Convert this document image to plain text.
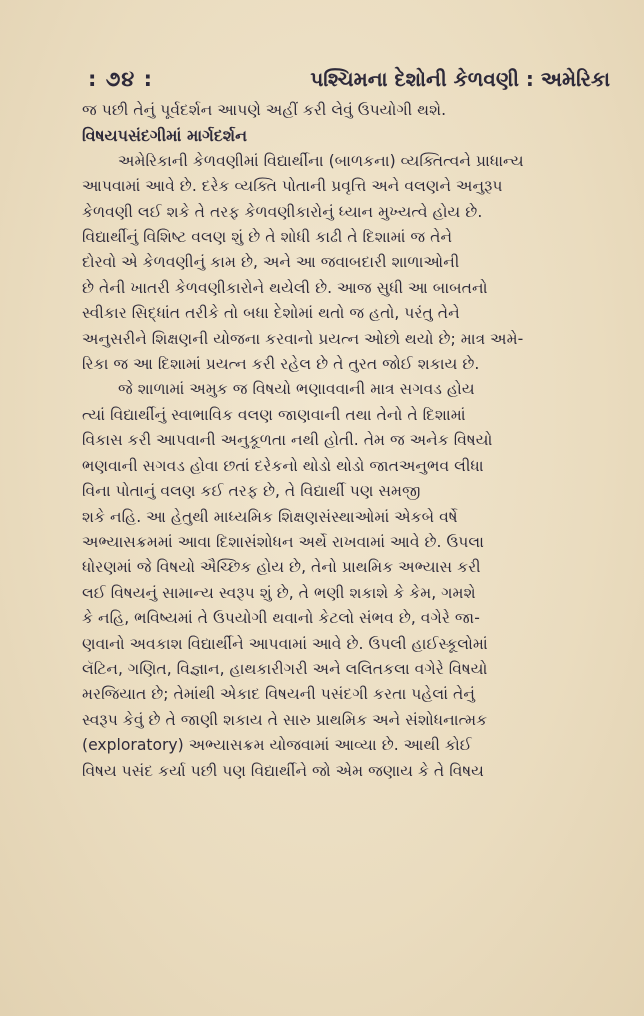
: ૭૪ :	પશ્ચિમના દેશોની કેળવણી : અમેરિકા
જ પછી તેનું પૂર્વદર્શન આપણે અહીં કરી લેવું ઉપયોગી થશે.
વિષયપસંદગીમાં માર્ગદર્શન
અમેરિકાની કેળવણીમાં વિદ્યાર્થીના (બાળકના) વ્યક્તિત્વને પ્રાધાન્ય
આપવામાં આવે છે. દરેક વ્યક્તિ પોતાની પ્રવૃત્તિ અને વલણને અનુરૂપ
કેળવણી લઈ શકે તે તરફ કેળવણીકારોનું ધ્યાન મુખ્યત્વે હોય છે.
વિદ્યાર્થીનું વિશિષ્ટ વલણ શું છે તે શોધી કાઢી તે દિશામાં જ તેને
દોરવો એ કેળવણીનું કામ છે, અને આ જવાબદારી શાળાઓની
છે તેની ખાતરી કેળવણીકારોને થયેલી છે. આજ સુધી આ બાબતનો
સ્વીકાર સિદ્ધાંત તરીકે તો બધા દેશોમાં થતો જ હતો, પરંતુ તેને
અનુસરીને શિક્ષણની યોજના કરવાનો પ્રયત્ન ઓછો થયો છે; માત્ર અમે-
રિકા જ આ દિશામાં પ્રયત્ન કરી રહેલ છે તે તુરત જોઈ શકાય છે.
જે શાળામાં અમુક જ વિષયો ભણાવવાની માત્ર સગવડ હોય
ત્યાં વિદ્યાર્થીનું સ્વાભાવિક વલણ જાણવાની તથા તેનો તે દિશામાં
વિકાસ કરી આપવાની અનુકૂળતા નથી હોતી. તેમ જ અનેક વિષયો
ભણવાની સગવડ હોવા છતાં દરેકનો થોડો થોડો જાતઅનુભવ લીધા
વિના પોતાનું વલણ કઈ તરફ છે, તે વિદ્યાર્થી પણ સમજી
શકે નહિ. આ હેતુથી માધ્યમિક શિક્ષણસંસ્થાઓમાં એકબે વર્ષે
અભ્યાસક્રમમાં આવા દિશાસંશોધન અર્થે રાખવામાં આવે છે. ઉપલા
ધોરણમાં જે વિષયો ઐચ્છિક હોય છે, તેનો પ્રાથમિક અભ્યાસ કરી
લઈ વિષયનું સામાન્ય સ્વરૂપ શું છે, તે ભણી શકાશે કે કેમ, ગમશે
કે નહિ, ભવિષ્યમાં તે ઉપયોગી થવાનો કેટલો સંભવ છે, વગેરે જા-
ણવાનો અવકાશ વિદ્યાર્થીને આપવામાં આવે છે. ઉપલી હાઈસ્કૂલોમાં
લૅટિન, ગણિત, વિજ્ઞાન, હાથકારીગરી અને લલિતકલા વગેરે વિષયો
મરજિયાત છે; તેમાંથી એકાદ વિષયની પસંદગી કરતા પહેલાં તેનું
સ્વરૂપ કેવું છે તે જાણી શકાય તે સારુ પ્રાથમિક અને સંશોધનાત્મક
(exploratory) અભ્યાસક્રમ યોજવામાં આવ્યા છે. આથી કોઈ
વિષય પસંદ કર્યા પછી પણ વિદ્યાર્થીને જો એમ જણાય કે તે વિષય
